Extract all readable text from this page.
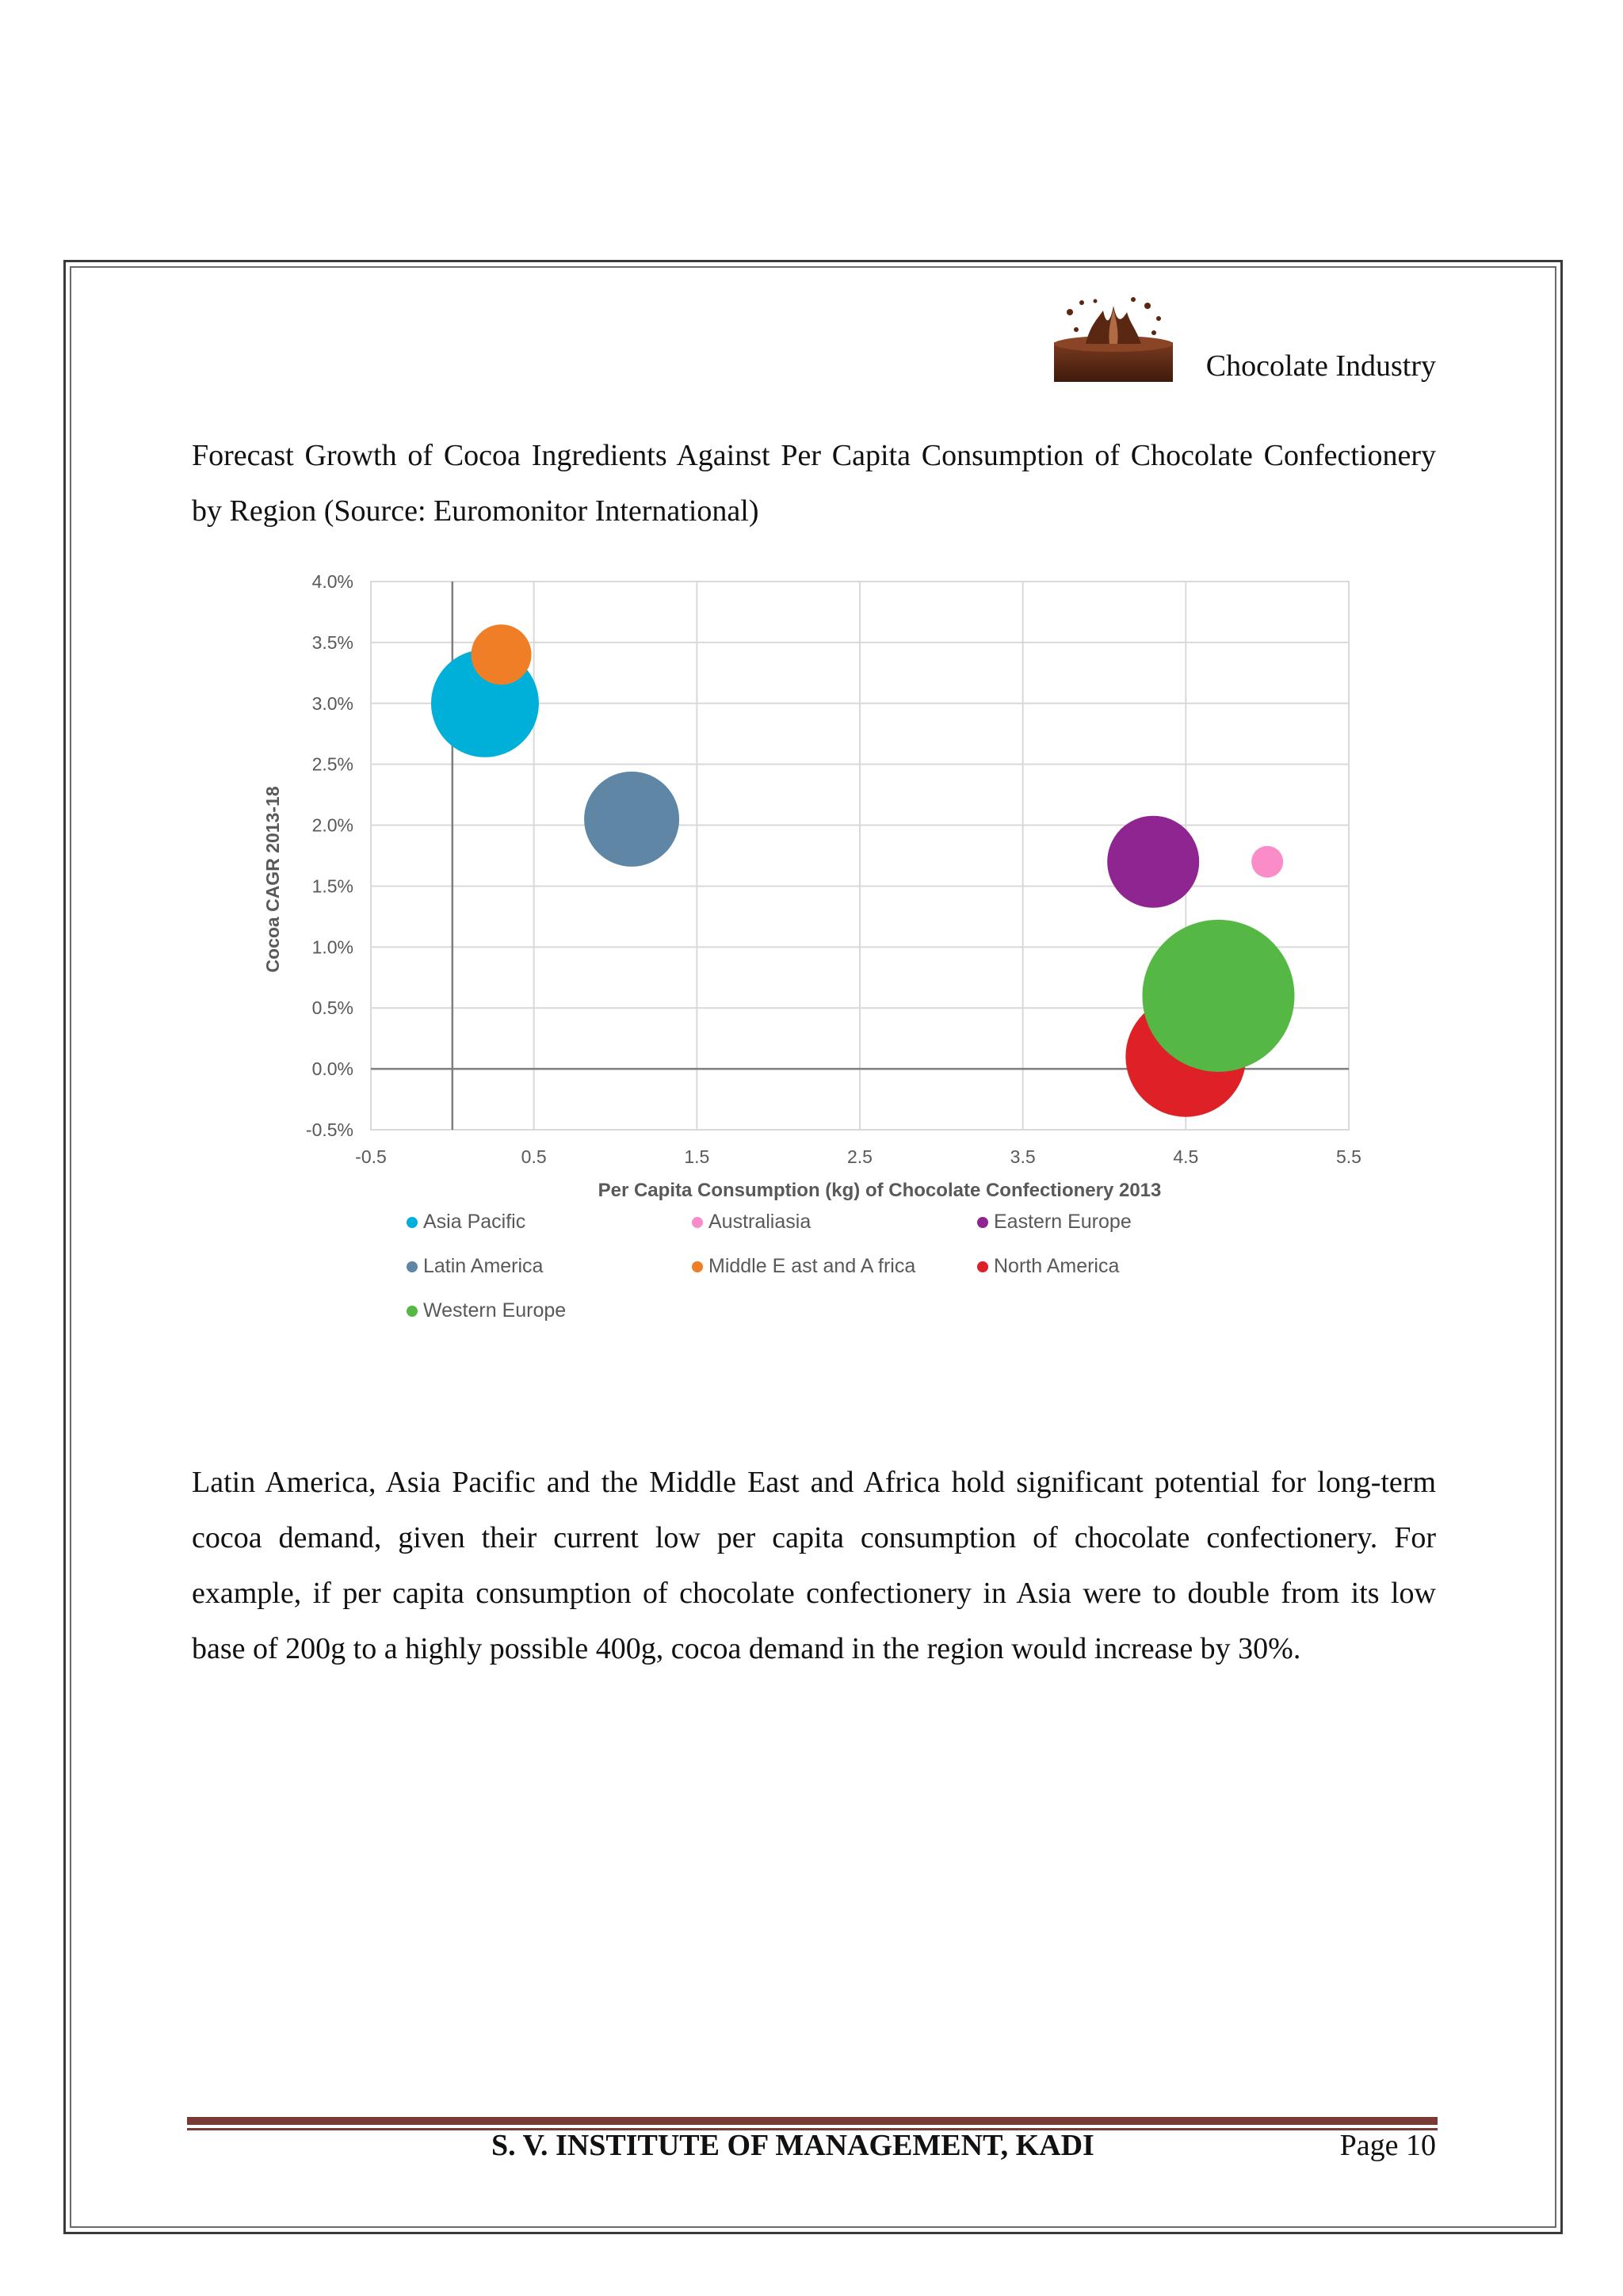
Chocolate Industry
Forecast Growth of Cocoa Ingredients Against Per Capita Consumption of Chocolate Confectionery by Region (Source: Euromonitor International)
-0.5%
0.0%
0.5%
1.0%
1.5%
2.0%
2.5%
3.0%
3.5%
4.0%
-0.5	0.5	1.5	2.5	3.5	4.5	5.5
Cocoa CAGR 2013-18
Per Capita Consumption (kg) of Chocolate Confectionery 2013
Asia Pacific	Australiasia	Eastern Europe
Latin America	Middle E ast and A frica	North America
Western Europe
Latin America, Asia Pacific and the Middle East and Africa hold significant potential for long-term cocoa demand, given their current low per capita consumption of chocolate confectionery. For example, if per capita consumption of chocolate confectionery in Asia were to double from its low base of 200g to a highly possible 400g, cocoa demand in the region would increase by 30%.
S. V. INSTITUTE OF MANAGEMENT, KADI	Page 10
